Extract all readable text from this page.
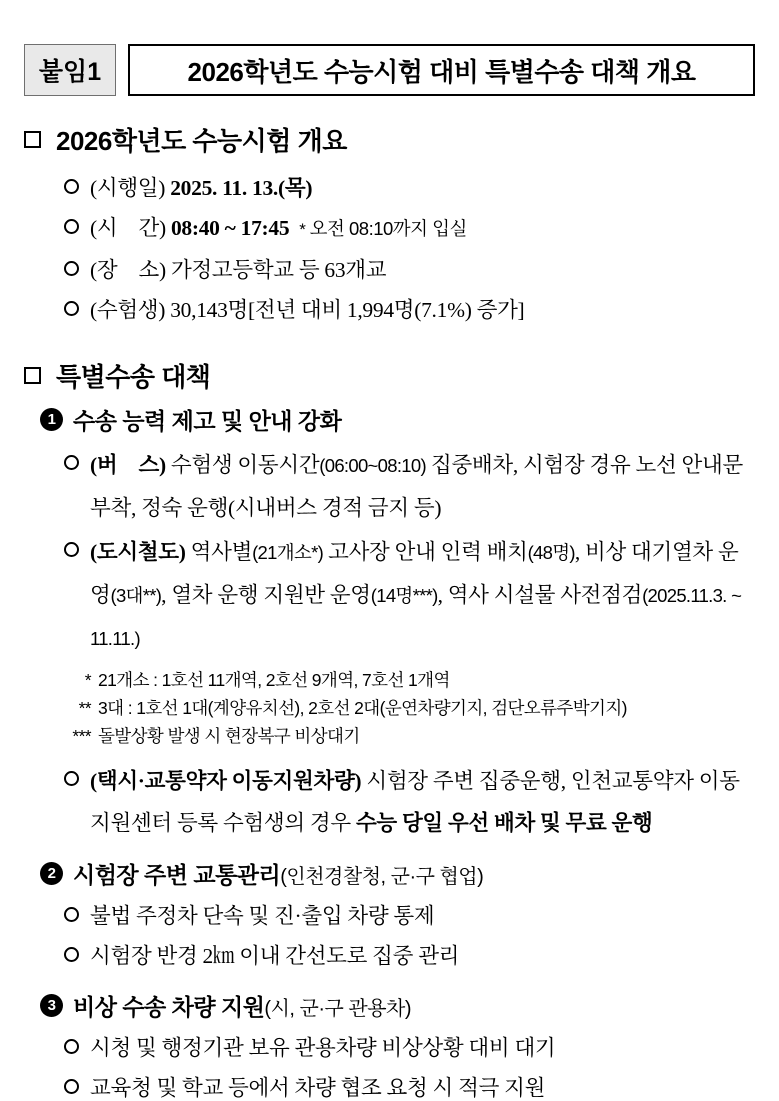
붙임1	2026학년도 수능시험 대비 특별수송 대책 개요
2026학년도 수능시험 개요
(시행일) 2025. 11. 13.(목)
(시　간) 08:40 ~ 17:45 * 오전 08:10까지 입실
(장　소) 가정고등학교 등 63개교
(수험생) 30,143명[전년 대비 1,994명(7.1%) 증가]
특별수송 대책
1 수송 능력 제고 및 안내 강화
(버　스) 수험생 이동시간(06:00~08:10) 집중배차, 시험장 경유 노선 안내문 부착, 정숙 운행(시내버스 경적 금지 등)
(도시철도) 역사별(21개소*) 고사장 안내 인력 배치(48명), 비상 대기열차 운영(3대**), 열차 운행 지원반 운영(14명***), 역사 시설물 사전점검(2025.11.3. ~ 11.11.)
* 21개소 : 1호선 11개역, 2호선 9개역, 7호선 1개역
** 3대 : 1호선 1대(계양유치선), 2호선 2대(운연차량기지, 검단오류주박기지)
*** 돌발상황 발생 시 현장복구 비상대기
(택시·교통약자 이동지원차량) 시험장 주변 집중운행, 인천교통약자 이동지원센터 등록 수험생의 경우 수능 당일 우선 배차 및 무료 운행
2 시험장 주변 교통관리(인천경찰청, 군·구 협업)
불법 주정차 단속 및 진·출입 차량 통제
시험장 반경 2㎞ 이내 간선도로 집중 관리
3 비상 수송 차량 지원(시, 군·구 관용차)
시청 및 행정기관 보유 관용차량 비상상황 대비 대기
교육청 및 학교 등에서 차량 협조 요청 시 적극 지원
